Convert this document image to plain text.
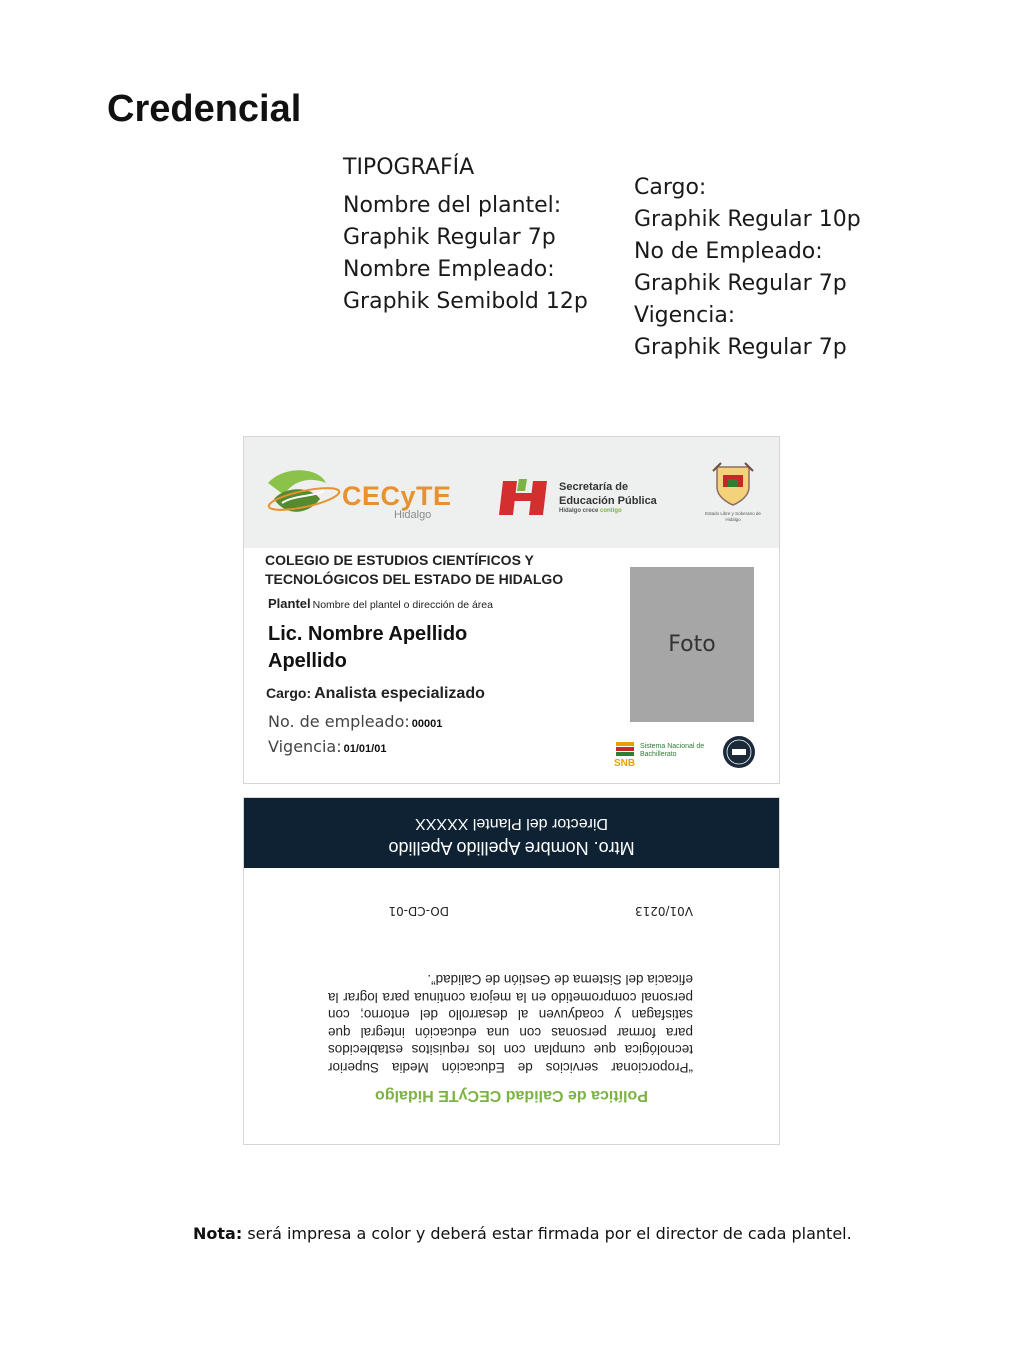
Credencial
TIPOGRAFÍA
Nombre del plantel:
Graphik Regular 7p
Nombre Empleado:
Graphik Semibold 12p
Cargo:
Graphik Regular 10p
No de Empleado:
Graphik Regular 7p
Vigencia:
Graphik Regular 7p
CECyTE
Hidalgo
Secretaría de
Educación Pública
Hidalgo crece contigo	Estado Libre y Soberano de Hidalgo
COLEGIO DE ESTUDIOS CIENTÍFICOS Y TECNOLÓGICOS DEL ESTADO DE HIDALGO
Plantel Nombre del plantel o dirección de área
Lic. Nombre Apellido Apellido
Cargo: Analista especializado
No. de empleado: 00001
Vigencia: 01/01/01
Foto
Sistema Nacional de Bachillerato
SNB
Política de Calidad CECyTE Hidalgo
“Proporcionar servicios de Educación Media Superior tecnológica que cumplan con los requisitos establecidos para formar personas con una educación integral que satisfagan y coadyuven al desarrollo del entorno; con personal comprometido en la mejora continua para lograr la eficacia del Sistema de Gestión de Calidad”.
V01/0213
DO-CD-01
Mtro. Nombre Apellido Apellido
Director del Plantel XXXXX
Nota: será impresa a color y deberá estar firmada por el director de cada plantel.
